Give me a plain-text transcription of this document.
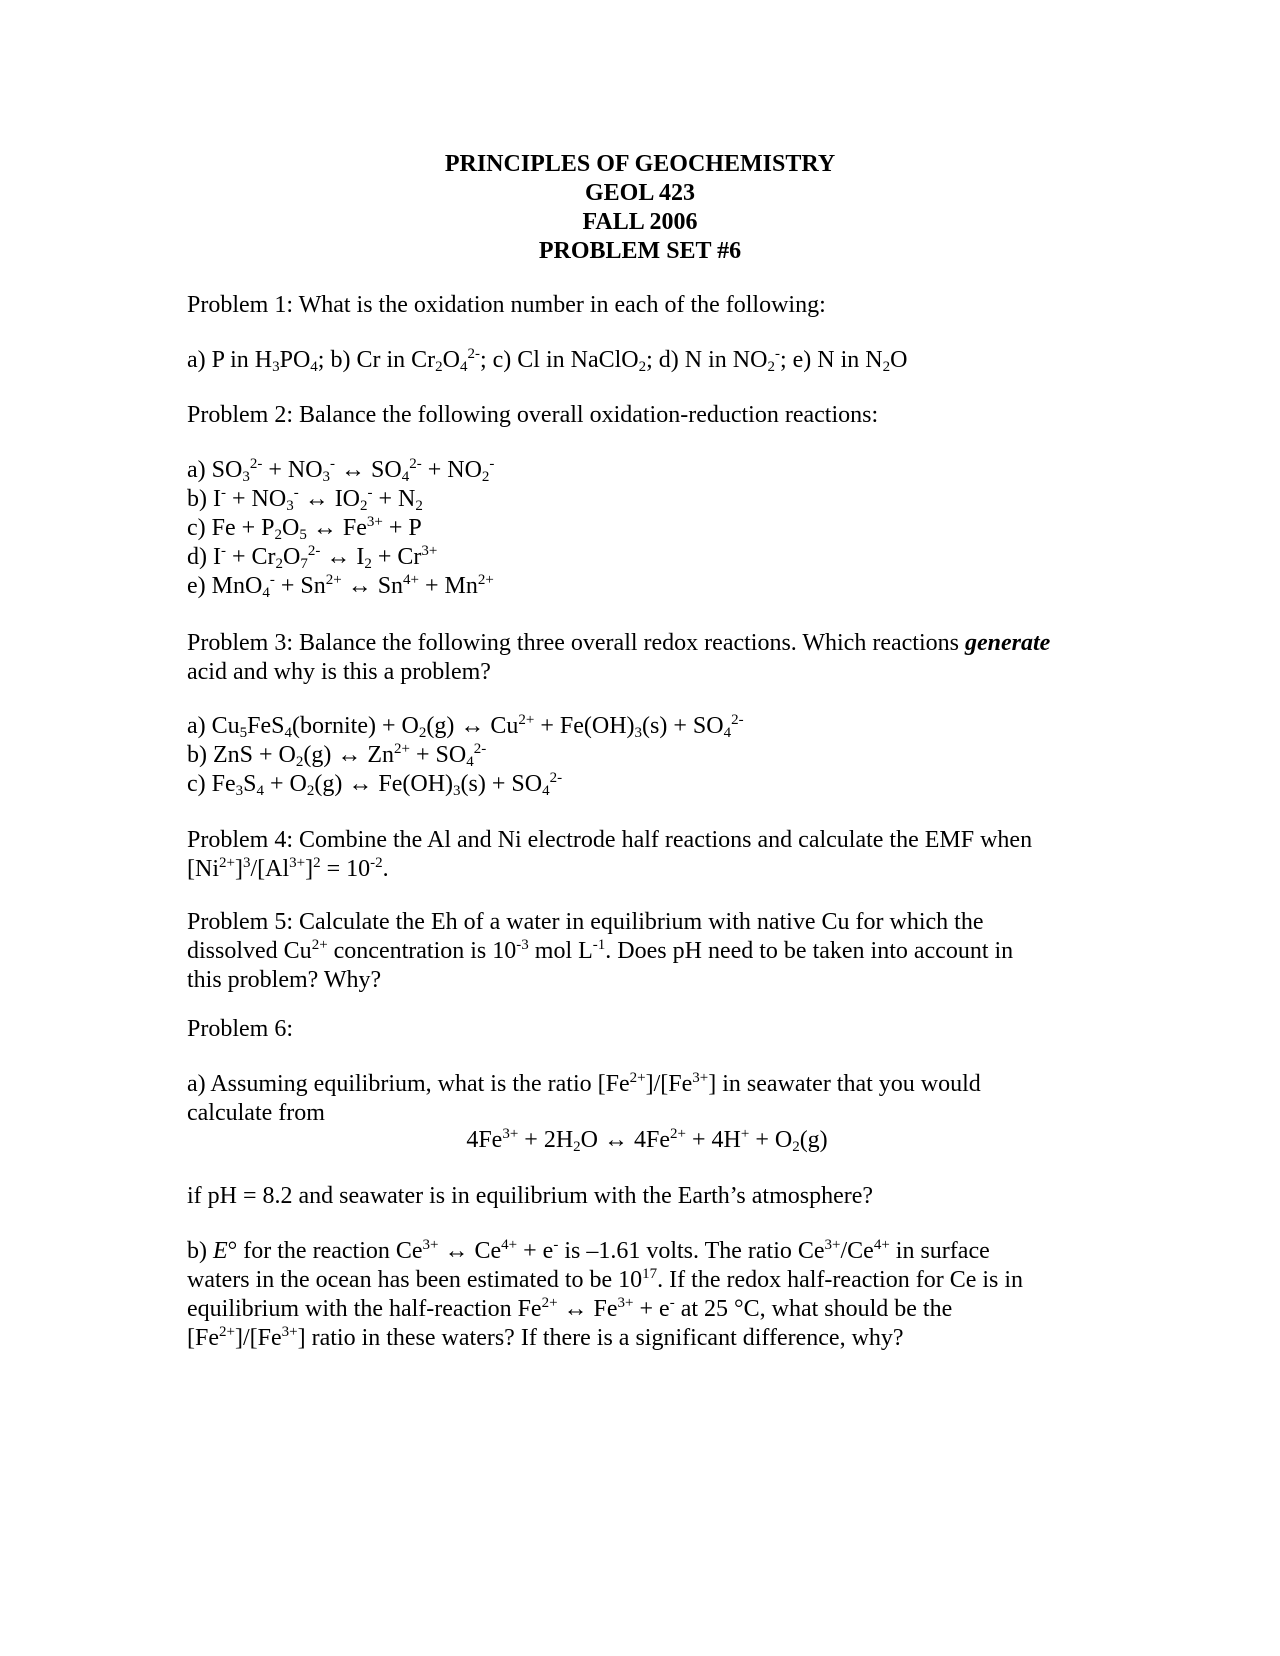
PRINCIPLES OF GEOCHEMISTRY
GEOL 423
FALL 2006
PROBLEM SET #6
Problem 1: What is the oxidation number in each of the following:
a) P in $H_3PO_4$; b) Cr in $Cr_2O_4^{2-}$; c) Cl in NaClO$_2$; d) N in $NO_2^-$; e) N in $N_2O$
Problem 2: Balance the following overall oxidation-reduction reactions:
a) $SO_3^{2-} + NO_3^-$ ↔ $SO_4^{2-} + NO_2^-$
b) $I^- + NO_3^-$ ↔ $IO_2^- + N_2$
c) $Fe + P_2O_5$ ↔ $Fe^{3+} + P$
d) $I^- + Cr_2O_7^{2-}$ ↔ $I_2 + Cr^{3+}$
e) $MnO_4^- + Sn^{2+}$ ↔ $Sn^{4+} + Mn^{2+}$
Problem 3: Balance the following three overall redox reactions. Which reactions generate
acid and why is this a problem?
a) $Cu_5FeS_4(bornite) + O_2(g)$ ↔ $Cu^{2+} + Fe(OH)_3(s) + SO_4^{2-}$
b) ZnS + $O_2(g)$ ↔ $Zn^{2+} + SO_4^{2-}$
c) $Fe_3S_4 + O_2(g)$ ↔ $Fe(OH)_3(s) + SO_4^{2-}$
Problem 4: Combine the Al and Ni electrode half reactions and calculate the EMF when
$[Ni^{2+}]^3/[Al^{3+}]^2 = 10^{-2}$.
Problem 5: Calculate the Eh of a water in equilibrium with native Cu for which the
dissolved $Cu^{2+}$ concentration is $10^{-3}$ mol $L^{-1}$. Does pH need to be taken into account in
this problem? Why?
Problem 6:
a) Assuming equilibrium, what is the ratio $[Fe^{2+}]/[Fe^{3+}]$ in seawater that you would
calculate from
$4Fe^{3+} + 2H_2O$ ↔ $4Fe^{2+} + 4H^+ + O_2(g)$
if pH = 8.2 and seawater is in equilibrium with the Earth’s atmosphere?
b) E° for the reaction $Ce^{3+}$ ↔ $Ce^{4+} + e^-$ is –1.61 volts. The ratio $Ce^{3+}/Ce^{4+}$ in surface
waters in the ocean has been estimated to be $10^{17}$. If the redox half-reaction for Ce is in
equilibrium with the half-reaction $Fe^{2+}$ ↔ $Fe^{3+} + e^-$ at 25 °C, what should be the
$[Fe^{2+}]/[Fe^{3+}]$ ratio in these waters? If there is a significant difference, why?
